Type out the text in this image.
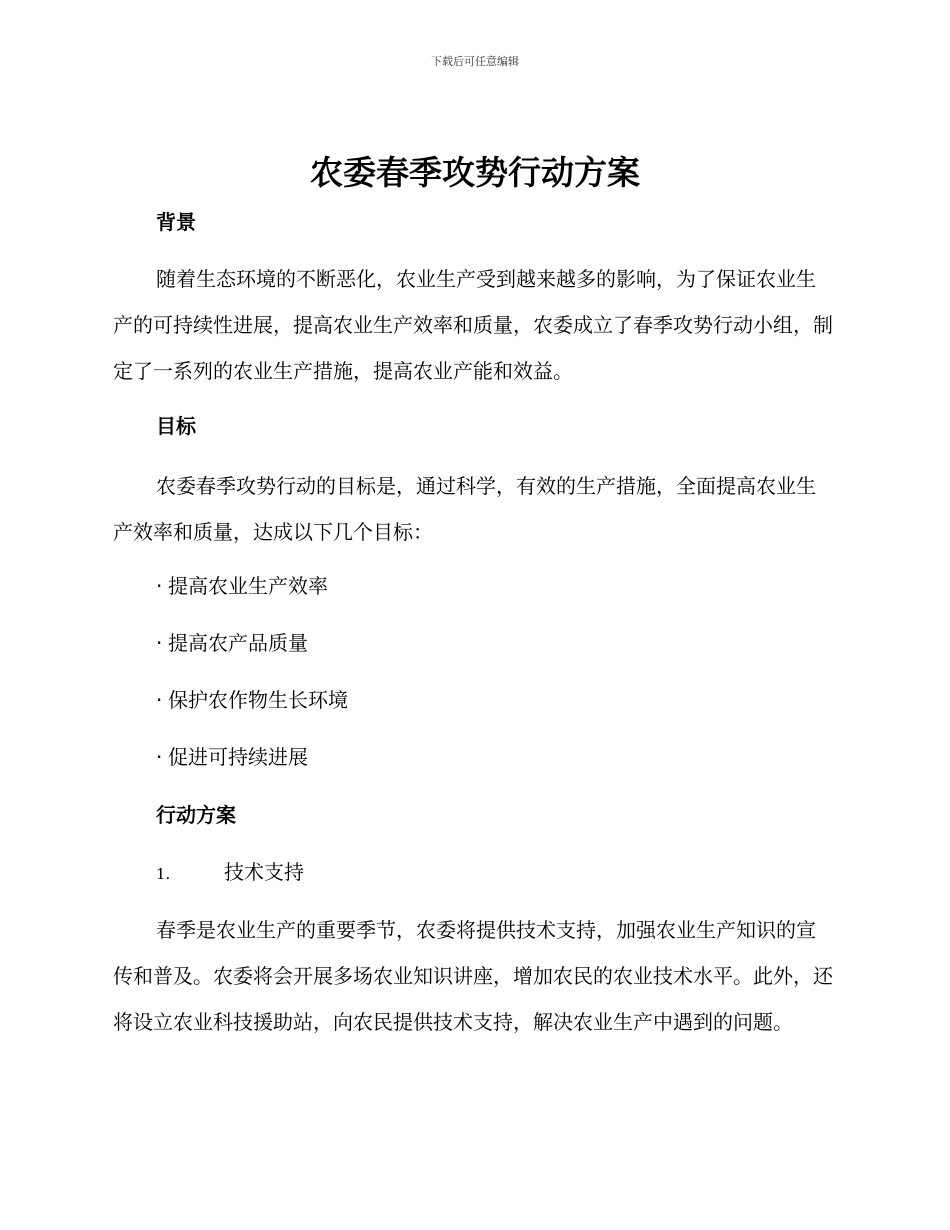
下载后可任意编辑
农委春季攻势行动方案
背景

随着生态环境的不断恶化，农业生产受到越来越多的影响，为了保证农业生产的可持续性进展，提高农业生产效率和质量，农委成立了春季攻势行动小组，制定了一系列的农业生产措施，提高农业产能和效益。

目标

农委春季攻势行动的目标是，通过科学，有效的生产措施，全面提高农业生产效率和质量，达成以下几个目标：

· 提高农业生产效率
· 提高农产品质量
· 保护农作物生长环境
· 促进可持续进展
行动方案
1.	技术支持

春季是农业生产的重要季节，农委将提供技术支持，加强农业生产知识的宣传和普及。农委将会开展多场农业知识讲座，增加农民的农业技术水平。此外，还将设立农业科技援助站，向农民提供技术支持，解决农业生产中遇到的问题。
